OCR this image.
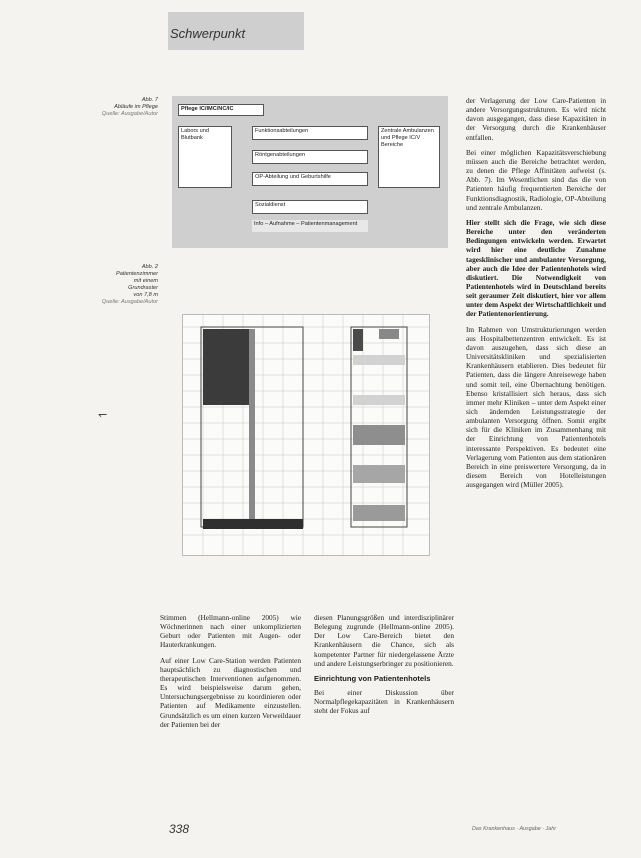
Schwerpunkt
Abb. 7
Abläufe im Pflege
Quelle: Ausgabe/Autor
Pflege IC/IMC/NC/IC
Labors und Blutbank
Funktionsabteilungen
Röntgenabteilungen
OP-Abteilung und Geburtshilfe
Zentrale Ambulanzen und Pflege IC/V Bereiche
Sozialdienst
Info – Aufnahme – Patientenmanagement
Abb. 2
Patientenzimmer
mit einem
Grundraster
von 7,8 m
Quelle: Ausgabe/Autor
↽

Stimmen (Hellmann-online 2005) wie Wöchnerinnen nach einer unkomplizierten Geburt oder Patienten mit Augen- oder Hauterkrankungen.

Auf einer Low Care-Station werden Patienten hauptsächlich zu diagnostischen und therapeutischen Interventionen aufgenommen. Es wird beispielsweise darum gehen, Untersuchungsergebnisse zu koordinieren oder Patienten auf Medikamente einzustellen. Grundsätzlich es um einen kurzen Verweildauer der Patienten bei der

diesen Planungsgrößen und interdisziplinärer Belegung zugrunde (Hellmann-online 2005). Der Low Care-Bereich bietet den Krankenhäusern die Chance, sich als kompetenter Partner für niedergelassene Ärzte und andere Leistungserbringer zu positionieren.

Einrichtung von Patientenhotels

Bei einer Diskussion über Normalpflegekapazitäten in Krankenhäusern steht der Fokus auf

der Verlagerung der Low Care-Patienten in andere Versorgungsstrukturen. Es wird nicht davon ausgegangen, dass diese Kapazitäten in der Versorgung durch die Krankenhäuser entfallen.

Bei einer möglichen Kapazitätsverschiebung müssen auch die Bereiche betrachtet werden, zu denen die Pflege Affinitäten aufweist (s. Abb. 7). Im Wesentlichen sind das die von Patienten häufig frequentierten Bereiche der Funktionsdiagnostik, Radiologie, OP-Abteilung und zentrale Ambulanzen.

Hier stellt sich die Frage, wie sich diese Bereiche unter den veränderten Bedingungen entwickeln werden. Erwartet wird hier eine deutliche Zunahme tagesklinischer und ambulanter Versorgung, aber auch die Idee der Patientenhotels wird diskutiert. Die Notwendigkeit von Patientenhotels wird in Deutschland bereits seit geraumer Zeit diskutiert, hier vor allem unter dem Aspekt der Wirtschaftlichkeit und der Patientenorientierung.

Im Rahmen von Umstrukturierungen werden aus Hospitalbettenzentren entwickelt. Es ist davon auszugehen, dass sich diese an Universitätskliniken und spezialisierten Krankenhäusern etablieren. Dies bedeutet für Patienten, dass die längere Anreisewege haben und somit teil, eine Übernachtung benötigen. Ebenso kristallisiert sich heraus, dass sich immer mehr Kliniken – unter dem Aspekt einer sich ändernden Leistungsstrategie der ambulanten Versorgung öffnen. Somit ergibt sich für die Kliniken im Zusammenhang mit der Einrichtung von Patientenhotels interessante Perspektiven. Es bedeutet eine Verlagerung vom Patienten aus dem stationären Bereich in eine preiswertere Versorgung, da in diesem Bereich von Hotelleistungen ausgegangen wird (Müller 2005).

338	Das Krankenhaus · Ausgabe · Jahr
